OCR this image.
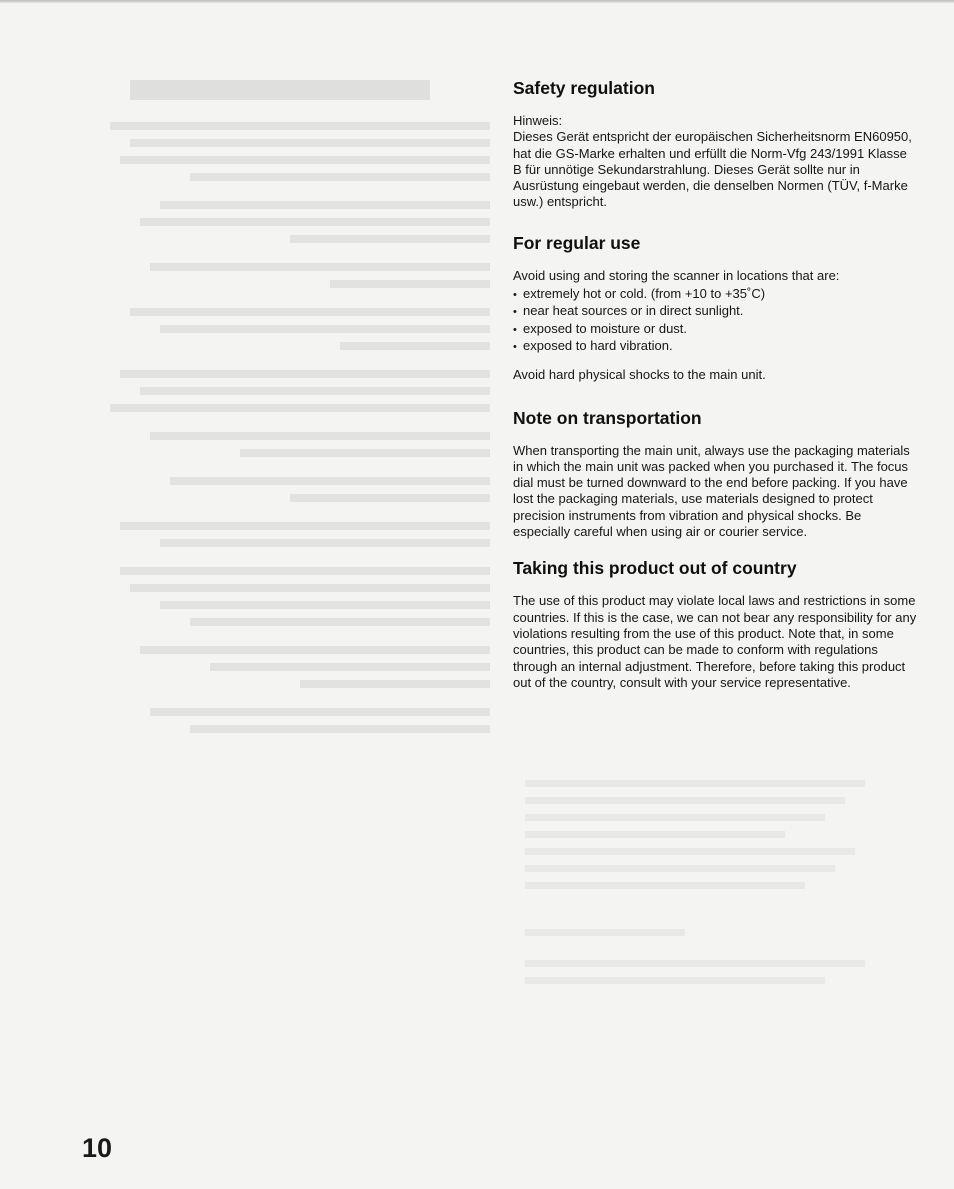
Safety regulation

Hinweis:

Dieses Gerät entspricht der europäischen Sicherheitsnorm EN60950, hat die GS-Marke erhalten und erfüllt die Norm-Vfg 243/1991 Klasse B für unnötige Sekundarstrahlung. Dieses Gerät sollte nur in Ausrüstung eingebaut werden, die denselben Normen (TÜV, f-Marke usw.) entspricht.

For regular use

Avoid using and storing the scanner in locations that are:

• extremely hot or cold. (from +10 to +35˚C)
• near heat sources or in direct sunlight.
• exposed to moisture or dust.
• exposed to hard vibration.

Avoid hard physical shocks to the main unit.

Note on transportation

When transporting the main unit, always use the packaging materials in which the main unit was packed when you purchased it. The focus dial must be turned downward to the end before packing. If you have lost the packaging materials, use materials designed to protect precision instruments from vibration and physical shocks. Be especially careful when using air or courier service.

Taking this product out of country

The use of this product may violate local laws and restrictions in some countries. If this is the case, we can not bear any responsibility for any violations resulting from the use of this product. Note that, in some countries, this product can be made to conform with regulations through an internal adjustment. Therefore, before taking this product out of the country, consult with your service representative.

10
